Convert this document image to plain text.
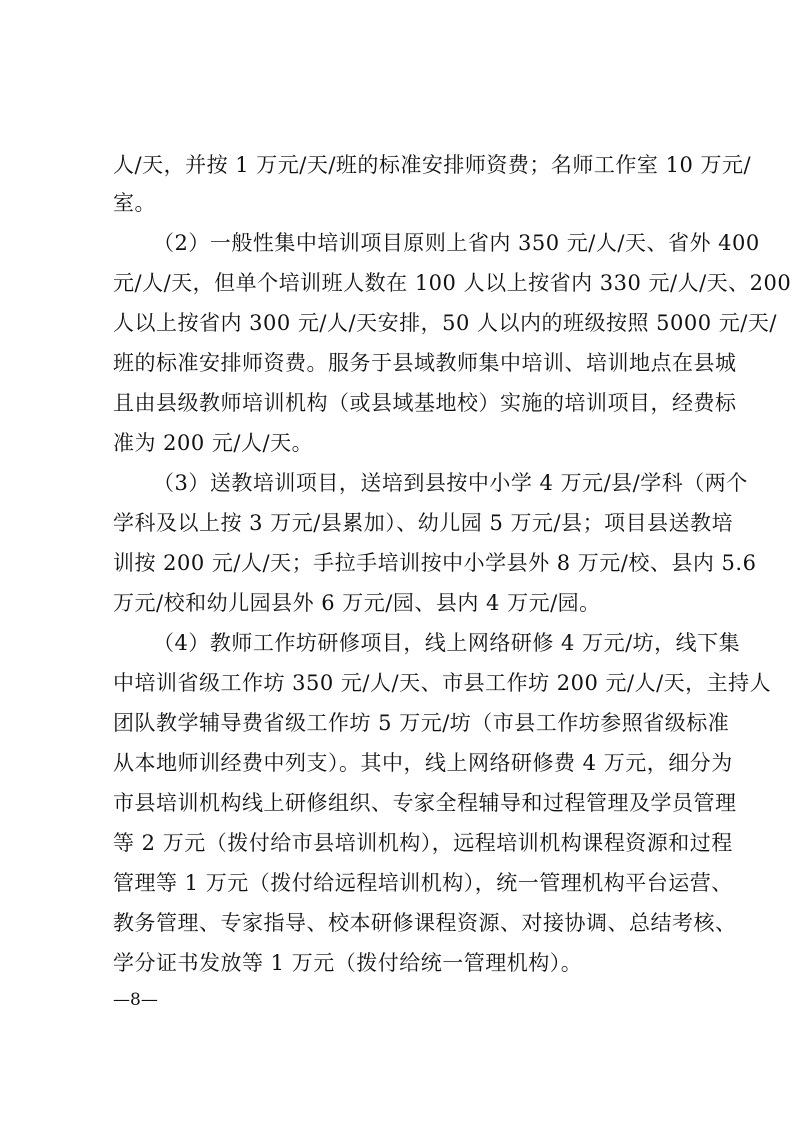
人/天，并按 1 万元/天/班的标准安排师资费；名师工作室 10 万元/
室。
（2）一般性集中培训项目原则上省内 350 元/人/天、省外 400
元/人/天，但单个培训班人数在 100 人以上按省内 330 元/人/天、200
人以上按省内 300 元/人/天安排，50 人以内的班级按照 5000 元/天/
班的标准安排师资费。服务于县域教师集中培训、培训地点在县城
且由县级教师培训机构（或县域基地校）实施的培训项目，经费标
准为 200 元/人/天。
（3）送教培训项目，送培到县按中小学 4 万元/县/学科（两个
学科及以上按 3 万元/县累加）、幼儿园 5 万元/县；项目县送教培
训按 200 元/人/天；手拉手培训按中小学县外 8 万元/校、县内 5.6
万元/校和幼儿园县外 6 万元/园、县内 4 万元/园。
（4）教师工作坊研修项目，线上网络研修 4 万元/坊，线下集
中培训省级工作坊 350 元/人/天、市县工作坊 200 元/人/天，主持人
团队教学辅导费省级工作坊 5 万元/坊（市县工作坊参照省级标准
从本地师训经费中列支）。其中，线上网络研修费 4 万元，细分为
市县培训机构线上研修组织、专家全程辅导和过程管理及学员管理
等 2 万元（拨付给市县培训机构），远程培训机构课程资源和过程
管理等 1 万元（拨付给远程培训机构），统一管理机构平台运营、
教务管理、专家指导、校本研修课程资源、对接协调、总结考核、
学分证书发放等 1 万元（拨付给统一管理机构）。
—8—
